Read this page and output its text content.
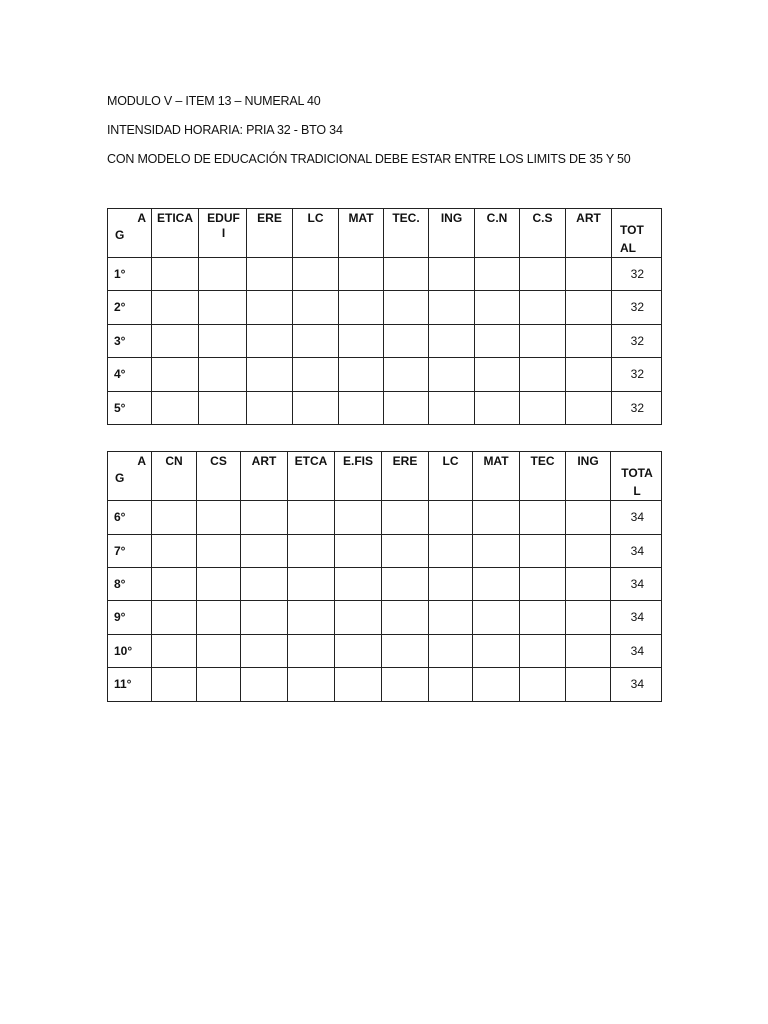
MODULO V – ITEM 13 – NUMERAL 40
INTENSIDAD HORARIA: PRIA 32 - BTO 34
CON MODELO DE EDUCACIÓN TRADICIONAL DEBE ESTAR ENTRE LOS LIMITS DE 35 Y 50
A
G	ETICA	EDUFI	ERE	LC	MAT	TEC.	ING	C.N	C.S	ART	TOTAL

1°											32

2°											32

3°											32

4°											32

5°											32
A
G	CN	CS	ART	ETCA	E.FIS	ERE	LC	MAT	TEC	ING	TOTAL

6°											34

7°											34

8°											34

9°											34

10°											34

11°											34
